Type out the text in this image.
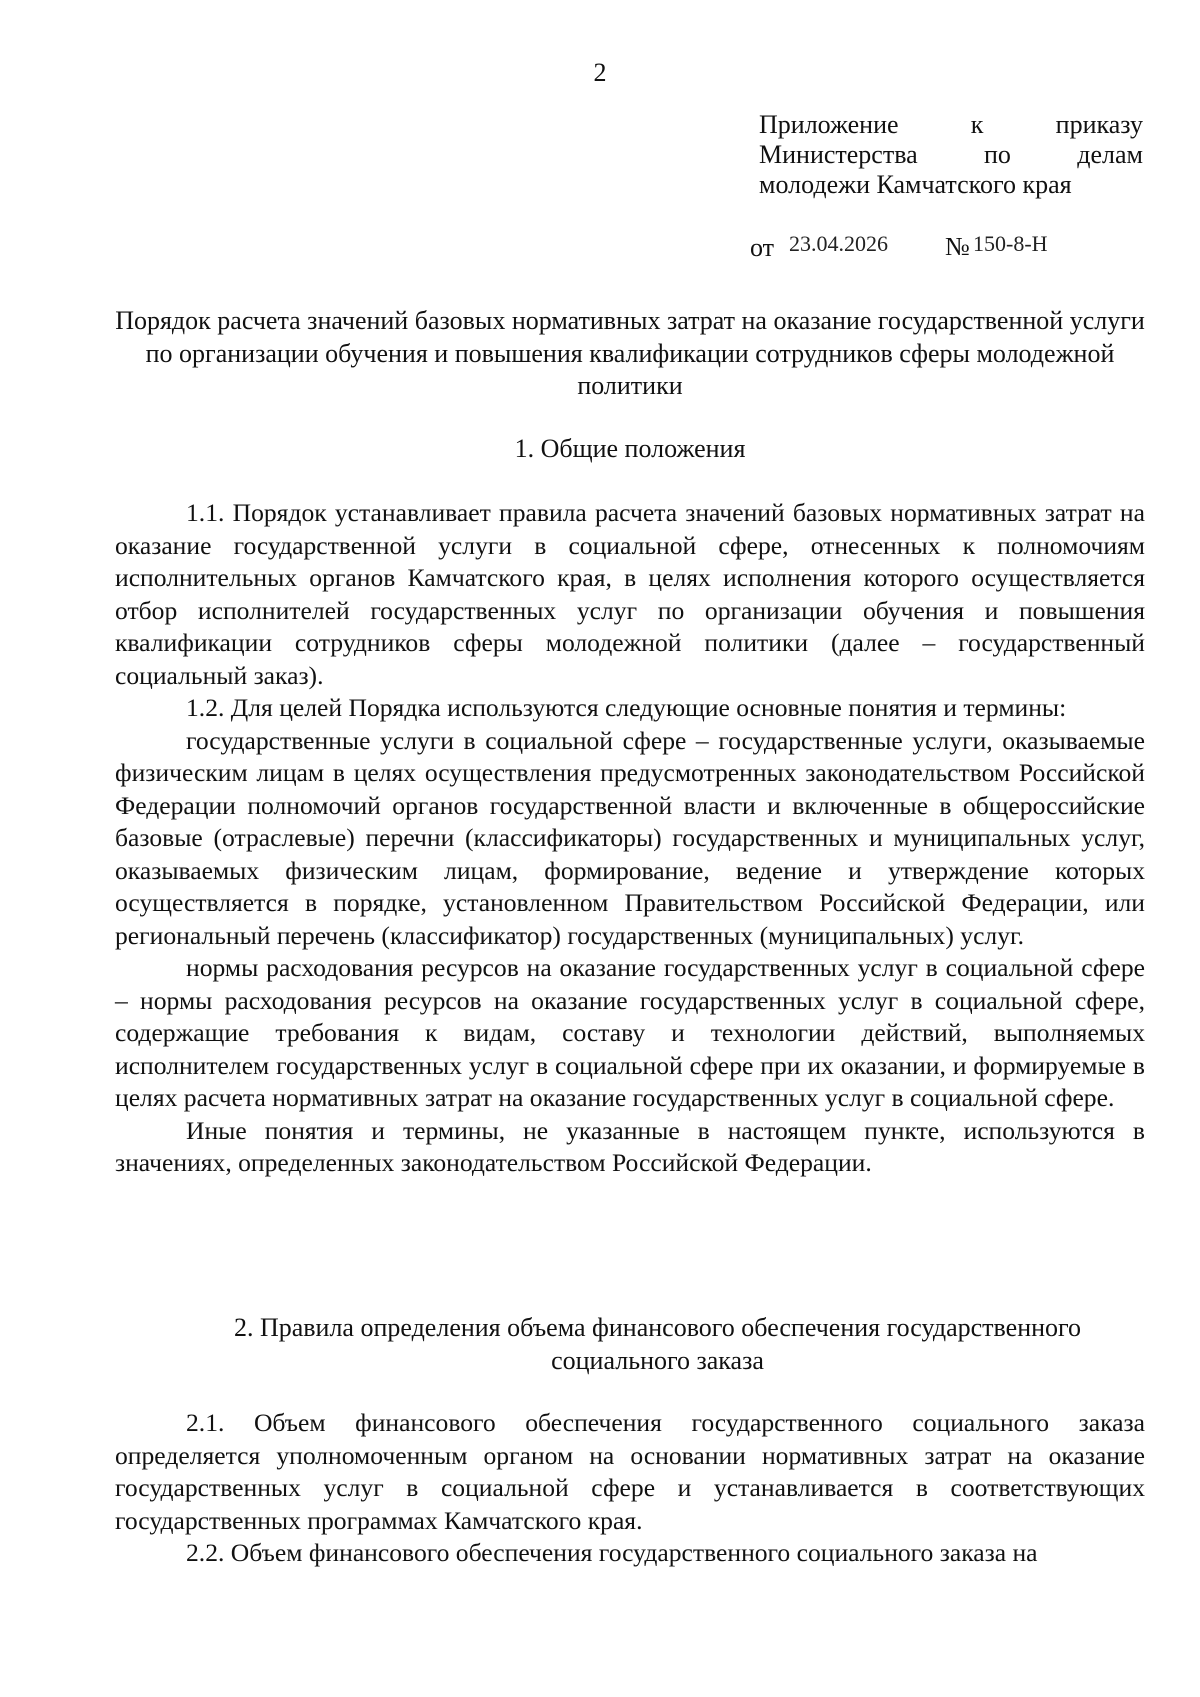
2
Приложение к приказу
Министерства по делам
молодежи Камчатского края
от 23.04.2026 № 150-8-Н
Порядок расчета значений базовых нормативных затрат на оказание государственной услуги по организации обучения и повышения квалификации сотрудников сферы молодежной политики
1. Общие положения

1.1. Порядок устанавливает правила расчета значений базовых нормативных затрат на оказание государственной услуги в социальной сфере, отнесенных к полномочиям исполнительных органов Камчатского края, в целях исполнения которого осуществляется отбор исполнителей государственных услуг по организации обучения и повышения квалификации сотрудников сферы молодежной политики (далее – государственный социальный заказ).

1.2. Для целей Порядка используются следующие основные понятия и термины:

государственные услуги в социальной сфере – государственные услуги, оказываемые физическим лицам в целях осуществления предусмотренных законодательством Российской Федерации полномочий органов государственной власти и включенные в общероссийские базовые (отраслевые) перечни (классификаторы) государственных и муниципальных услуг, оказываемых физическим лицам, формирование, ведение и утверждение которых осуществляется в порядке, установленном Правительством Российской Федерации, или региональный перечень (классификатор) государственных (муниципальных) услуг.

нормы расходования ресурсов на оказание государственных услуг в социальной сфере – нормы расходования ресурсов на оказание государственных услуг в социальной сфере, содержащие требования к видам, составу и технологии действий, выполняемых исполнителем государственных услуг в социальной сфере при их оказании, и формируемые в целях расчета нормативных затрат на оказание государственных услуг в социальной сфере.

Иные понятия и термины, не указанные в настоящем пункте, используются в значениях, определенных законодательством Российской Федерации.

2. Правила определения объема финансового обеспечения государственного социального заказа

2.1. Объем финансового обеспечения государственного социального заказа определяется уполномоченным органом на основании нормативных затрат на оказание государственных услуг в социальной сфере и устанавливается в соответствующих государственных программах Камчатского края.

2.2. Объем финансового обеспечения государственного социального заказа на
